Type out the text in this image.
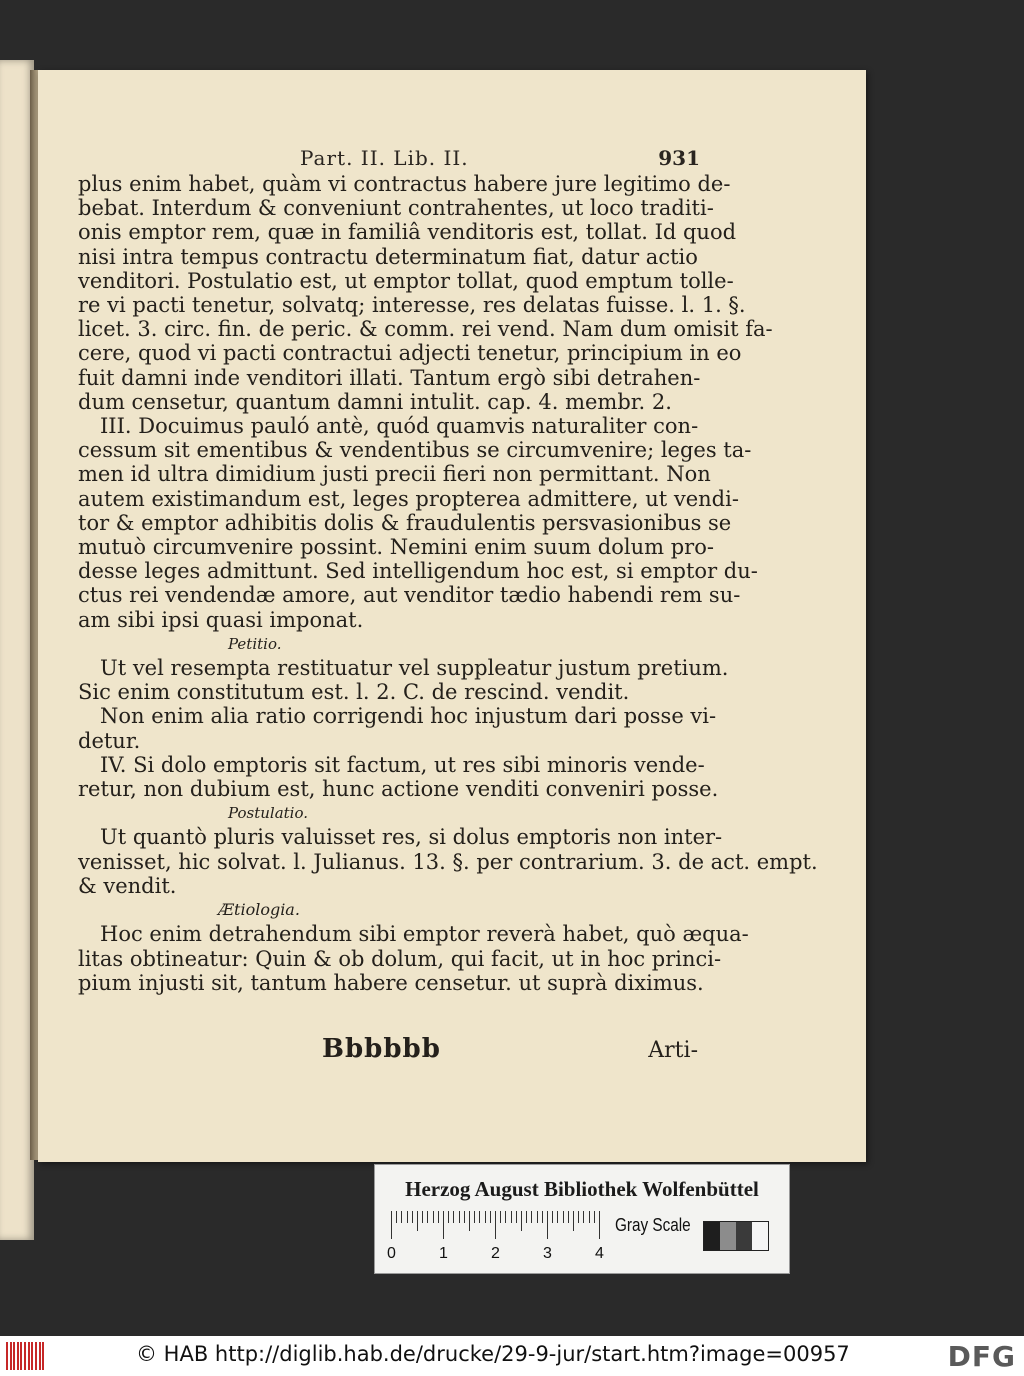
Part. II. Lib. II.	931
plus enim habet, quàm vi contractus habere jure legitimo de-
bebat. Interdum & conveniunt contrahentes, ut loco traditi-
onis emptor rem, quæ in familiâ venditoris est, tollat. Id quod
nisi intra tempus contractu determinatum fiat, datur actio
venditori. Postulatio est, ut emptor tollat, quod emptum tolle-
re vi pacti tenetur, solvatq; interesse, res delatas fuisse. l. 1. §.
licet. 3. circ. fin. de peric. & comm. rei vend. Nam dum omisit fa-
cere, quod vi pacti contractui adjecti tenetur, principium in eo
fuit damni inde venditori illati. Tantum ergò sibi detrahen-
dum censetur, quantum damni intulit. cap. 4. membr. 2.
III. Docuimus pauló antè, quód quamvis naturaliter con-
cessum sit ementibus & vendentibus se circumvenire; leges ta-
men id ultra dimidium justi precii fieri non permittant. Non
autem existimandum est, leges propterea admittere, ut vendi-
tor & emptor adhibitis dolis & fraudulentis persvasionibus se
mutuò circumvenire possint. Nemini enim suum dolum pro-
desse leges admittunt. Sed intelligendum hoc est, si emptor du-
ctus rei vendendæ amore, aut venditor tædio habendi rem su-
am sibi ipsi quasi imponat.
Petitio.
Ut vel resempta restituatur vel suppleatur justum pretium.
Sic enim constitutum est. l. 2. C. de rescind. vendit.
Non enim alia ratio corrigendi hoc injustum dari posse vi-
detur.
IV. Si dolo emptoris sit factum, ut res sibi minoris vende-
retur, non dubium est, hunc actione venditi conveniri posse.
Postulatio.
Ut quantò pluris valuisset res, si dolus emptoris non inter-
venisset, hic solvat. l. Julianus. 13. §. per contrarium. 3. de act. empt.
& vendit.
Ætiologia.
Hoc enim detrahendum sibi emptor reverà habet, quò æqua-
litas obtineatur: Quin & ob dolum, qui facit, ut in hoc princi-
pium injusti sit, tantum habere censetur. ut suprà diximus.
Bbbbbb	Arti-
Herzog August Bibliothek Wolfenbüttel
Gray Scale
0	1	2	3	4
© HAB http://diglib.hab.de/drucke/29-9-jur/start.htm?image=00957	DFG
